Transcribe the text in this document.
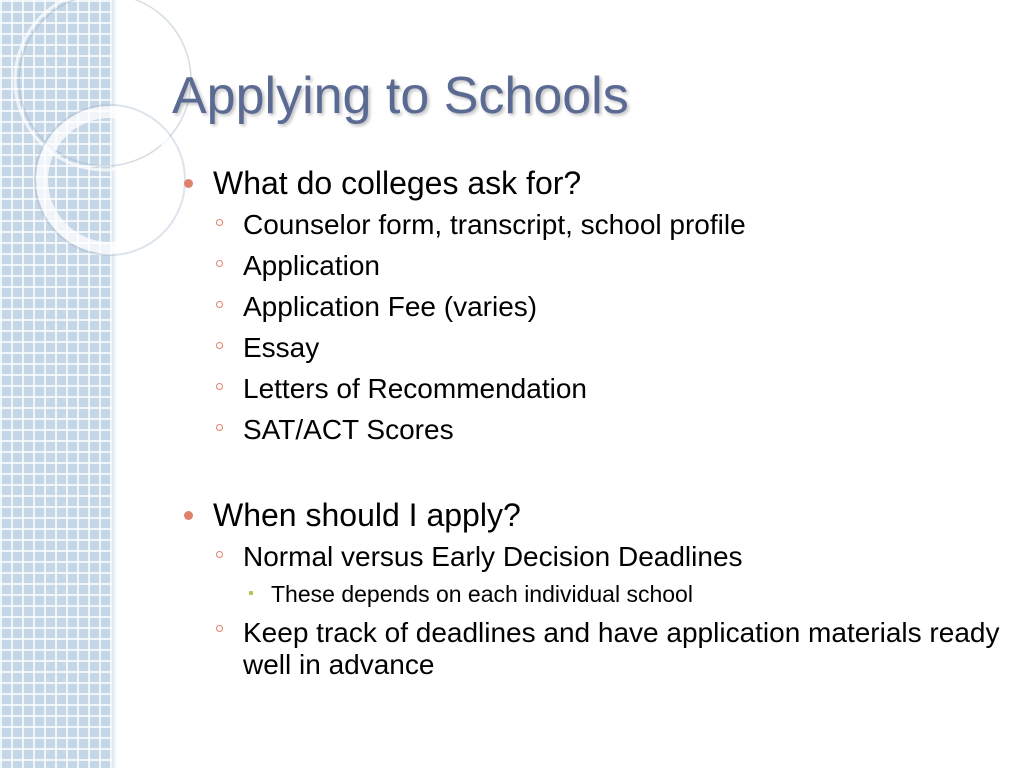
Applying to Schools
What do colleges ask for?
Counselor form, transcript, school profile
Application
Application Fee (varies)
Essay
Letters of Recommendation
SAT/ACT Scores
When should I apply?
Normal versus Early Decision Deadlines
These depends on each individual school
Keep track of deadlines and have application materials ready well in advance
